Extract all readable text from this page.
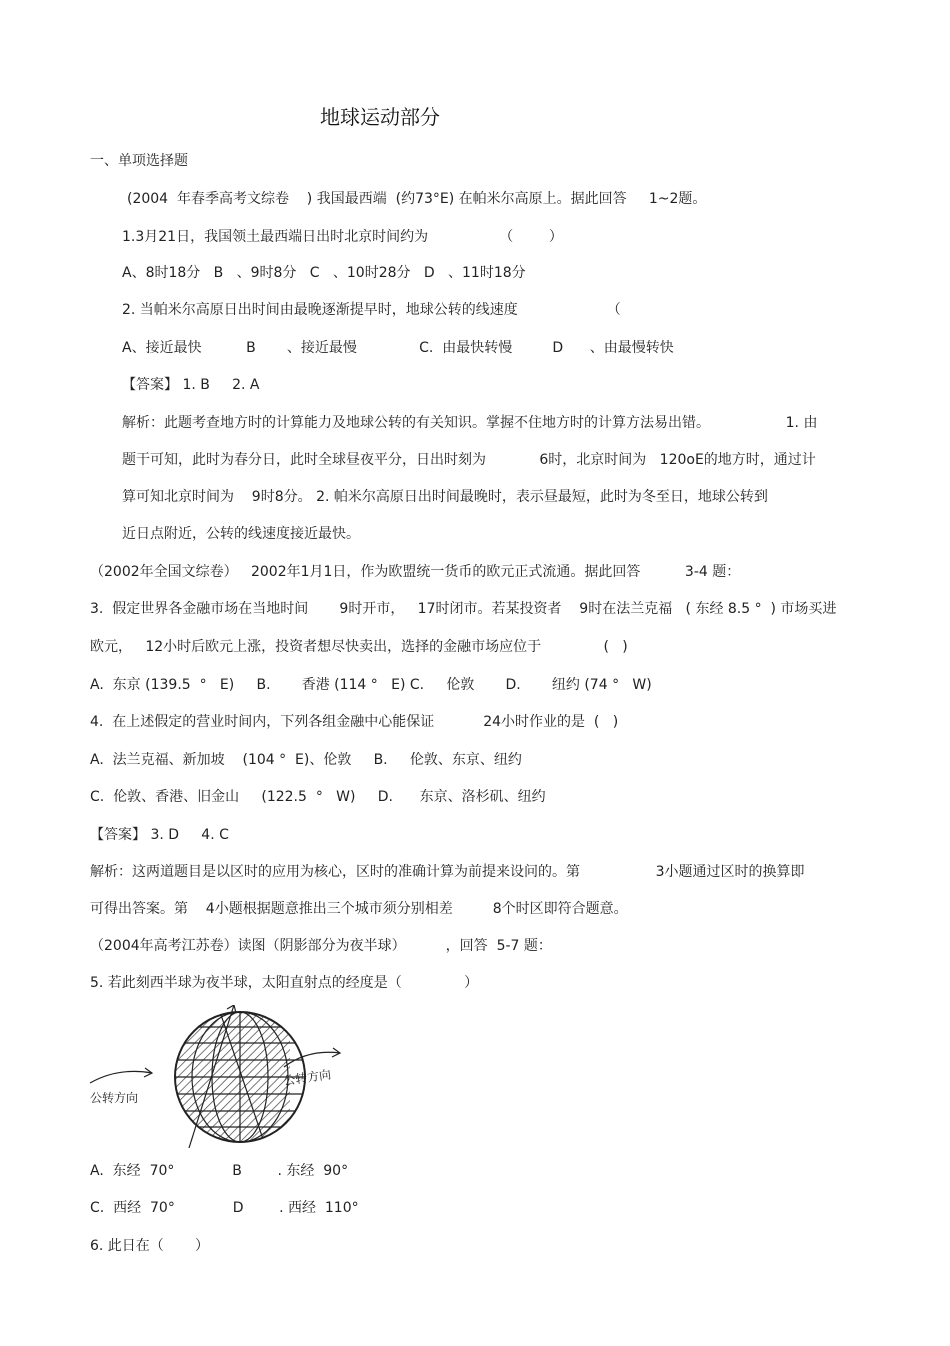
地球运动部分
一、单项选择题
(2004  年春季高考文综卷    ) 我国最西端  (约73°E) 在帕米尔高原上。据此回答     1~2题。
1.3月21日，我国领土最西端日出时北京时间约为                （        ）
A、8时18分   B   、9时8分   C   、10时28分   D   、11时18分
2. 当帕米尔高原日出时间由最晚逐渐提早时，地球公转的线速度                    （
A、接近最快          B       、接近最慢              C.  由最快转慢         D      、由最慢转快
【答案】 1. B     2. A
解析：此题考查地方时的计算能力及地球公转的有关知识。掌握不住地方时的计算方法易出错。                 1. 由
题干可知，此时为春分日，此时全球昼夜平分，日出时刻为            6时，北京时间为   120oE的地方时，通过计
算可知北京时间为    9时8分。 2. 帕米尔高原日出时间最晚时，表示昼最短，此时为冬至日，地球公转到
近日点附近，公转的线速度接近最快。
（2002年全国文综卷）   2002年1月1日，作为欧盟统一货币的欧元正式流通。据此回答          3-4 题：
3.  假定世界各金融市场在当地时间       9时开市，   17时闭市。若某投资者    9时在法兰克福   ( 东经 8.5 °  ) 市场买进
欧元，   12小时后欧元上涨，投资者想尽快卖出，选择的金融市场应位于              (   )
A.  东京 (139.5  °   E)     B.       香港 (114 °   E) C.     伦敦       D.       纽约 (74 °   W)
4.  在上述假定的营业时间内，下列各组金融中心能保证           24小时作业的是  (   )
A.  法兰克福、新加坡    (104 °  E)、伦敦     B.     伦敦、东京、纽约
C.  伦敦、香港、旧金山     (122.5  °   W)     D.      东京、洛杉矶、纽约
【答案】 3. D     4. C
解析：这两道题目是以区时的应用为核心，区时的准确计算为前提来设问的。第                 3小题通过区时的换算即
可得出答案。第    4小题根据题意推出三个城市须分别相差         8个时区即符合题意。
（2004年高考江苏卷）读图（阴影部分为夜半球）         ，回答  5-7 题：
5. 若此刻西半球为夜半球，太阳直射点的经度是（              ）
公转方向
公转方向
A.  东经  70°             B        . 东经  90°
C.  西经  70°             D        . 西经  110°
6. 此日在（       ）
